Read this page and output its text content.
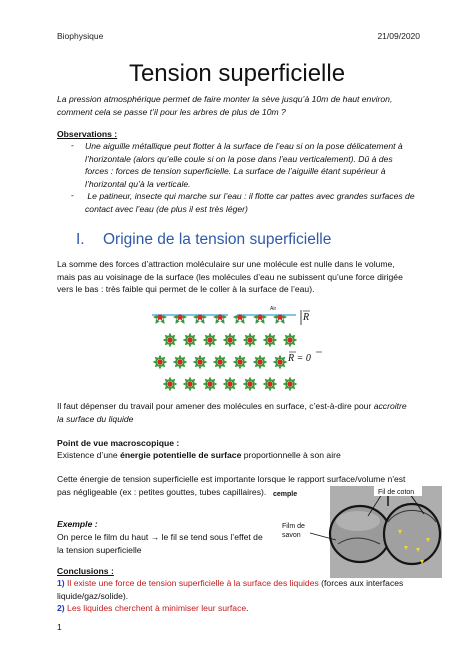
Biophysique	21/09/2020
Tension superficielle
La pression atmosphérique permet de faire monter la sève jusqu’à 10m de haut environ,
comment cela se passe t’il pour les arbres de plus de 10m ?
Observations :
- Une aiguille métallique peut flotter à la surface de l’eau si on la pose délicatement à
l’horizontale (alors qu’elle coule si on la pose dans l’eau verticalement). Dû à des
forces : forces de tension superficielle. La surface de l’aiguille étant supérieur à
l’horizontal qu’à la verticale.
- Le patineur, insecte qui marche sur l’eau : il flotte car pattes avec grandes surfaces de
contact avec l’eau (de plus il est très léger)
I. Origine de la tension superficielle
La somme des forces d’attraction moléculaire sur une molécule est nulle dans le volume,
mais pas au voisinage de la surface (les molécules d’eau ne subissent qu’une force dirigée
vers le bas : très faible qui permet de le coller à la surface de l’eau).
Air
R
R = 0
Il faut dépenser du travail pour amener des molécules en surface, c’est-à-dire pour accroitre
la surface du liquide
Point de vue macroscopique :
Existence d’une énergie potentielle de surface proportionnelle à son aire
Cette énergie de tension superficielle est importante lorsque le rapport surface/volume n'est
pas négligeable (ex : petites gouttes, tubes capillaires). cemple	Fil de coton
Film de
savon
Exemple :
On perce le film du haut → le fil se tend sous l’effet de
la tension superficielle
Conclusions :
1) Il existe une force de tension superficielle à la surface des liquides (forces aux interfaces
liquide/gaz/solide).
2) Les liquides cherchent à minimiser leur surface.
1
